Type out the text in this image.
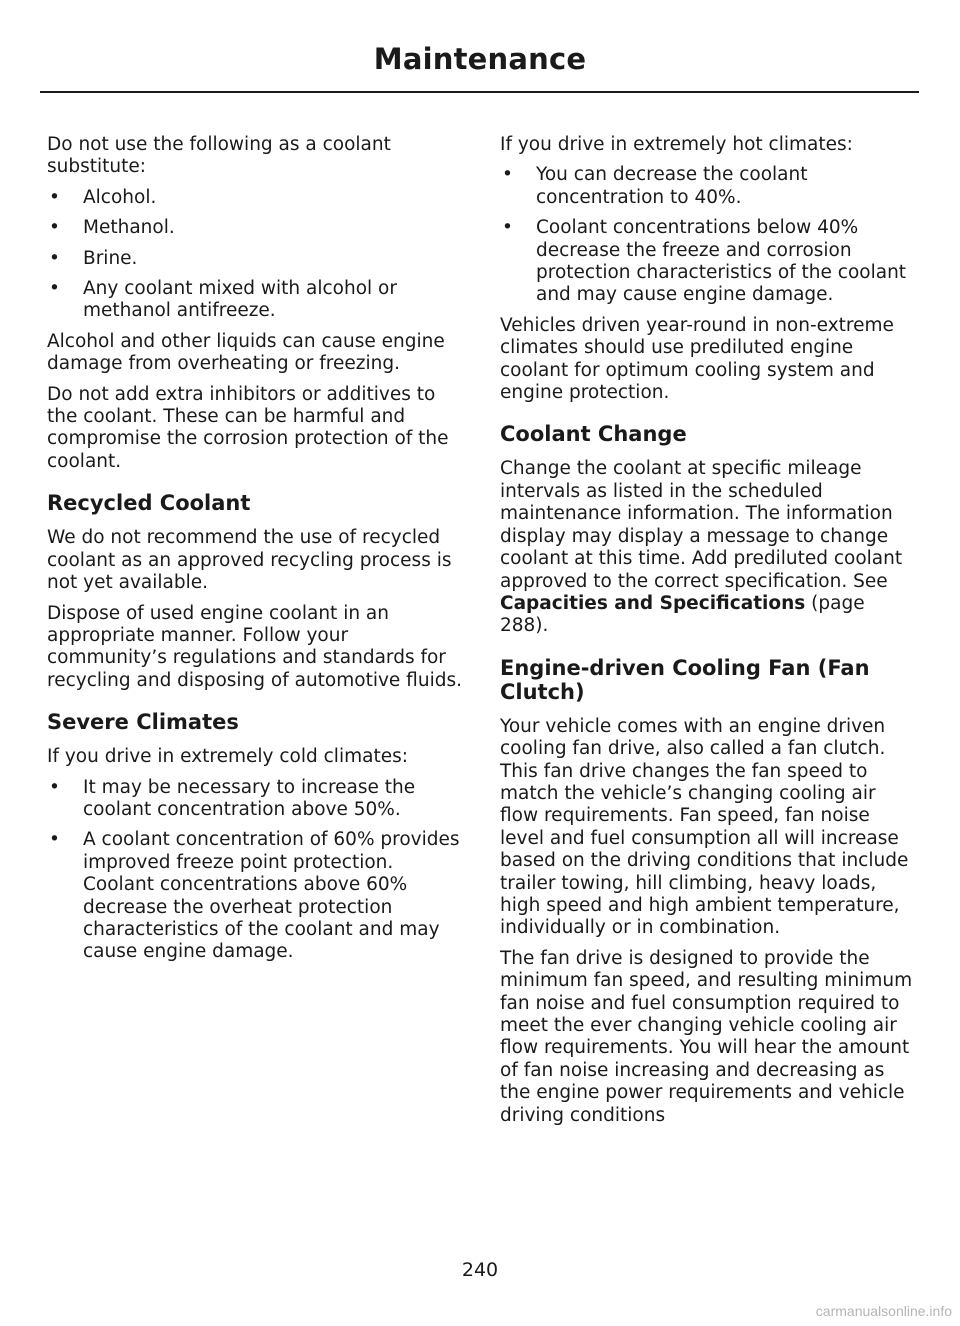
Maintenance

Do not use the following as a coolant substitute:

• Alcohol.
• Methanol.
• Brine.
• Any coolant mixed with alcohol or methanol antifreeze.

Alcohol and other liquids can cause engine damage from overheating or freezing.

Do not add extra inhibitors or additives to the coolant. These can be harmful and compromise the corrosion protection of the coolant.

Recycled Coolant

We do not recommend the use of recycled coolant as an approved recycling process is not yet available.

Dispose of used engine coolant in an appropriate manner. Follow your community’s regulations and standards for recycling and disposing of automotive fluids.

Severe Climates

If you drive in extremely cold climates:

• It may be necessary to increase the coolant concentration above 50%.
• A coolant concentration of 60% provides improved freeze point protection. Coolant concentrations above 60% decrease the overheat protection characteristics of the coolant and may cause engine damage.

If you drive in extremely hot climates:

• You can decrease the coolant concentration to 40%.
• Coolant concentrations below 40% decrease the freeze and corrosion protection characteristics of the coolant and may cause engine damage.

Vehicles driven year-round in non-extreme climates should use prediluted engine coolant for optimum cooling system and engine protection.

Coolant Change

Change the coolant at specific mileage intervals as listed in the scheduled maintenance information. The information display may display a message to change coolant at this time. Add prediluted coolant approved to the correct specification. See Capacities and Specifications (page 288).

Engine-driven Cooling Fan (Fan Clutch)

Your vehicle comes with an engine driven cooling fan drive, also called a fan clutch. This fan drive changes the fan speed to match the vehicle’s changing cooling air flow requirements. Fan speed, fan noise level and fuel consumption all will increase based on the driving conditions that include trailer towing, hill climbing, heavy loads, high speed and high ambient temperature, individually or in combination.

The fan drive is designed to provide the minimum fan speed, and resulting minimum fan noise and fuel consumption required to meet the ever changing vehicle cooling air flow requirements. You will hear the amount of fan noise increasing and decreasing as the engine power requirements and vehicle driving conditions

240
carmanualsonline.info
